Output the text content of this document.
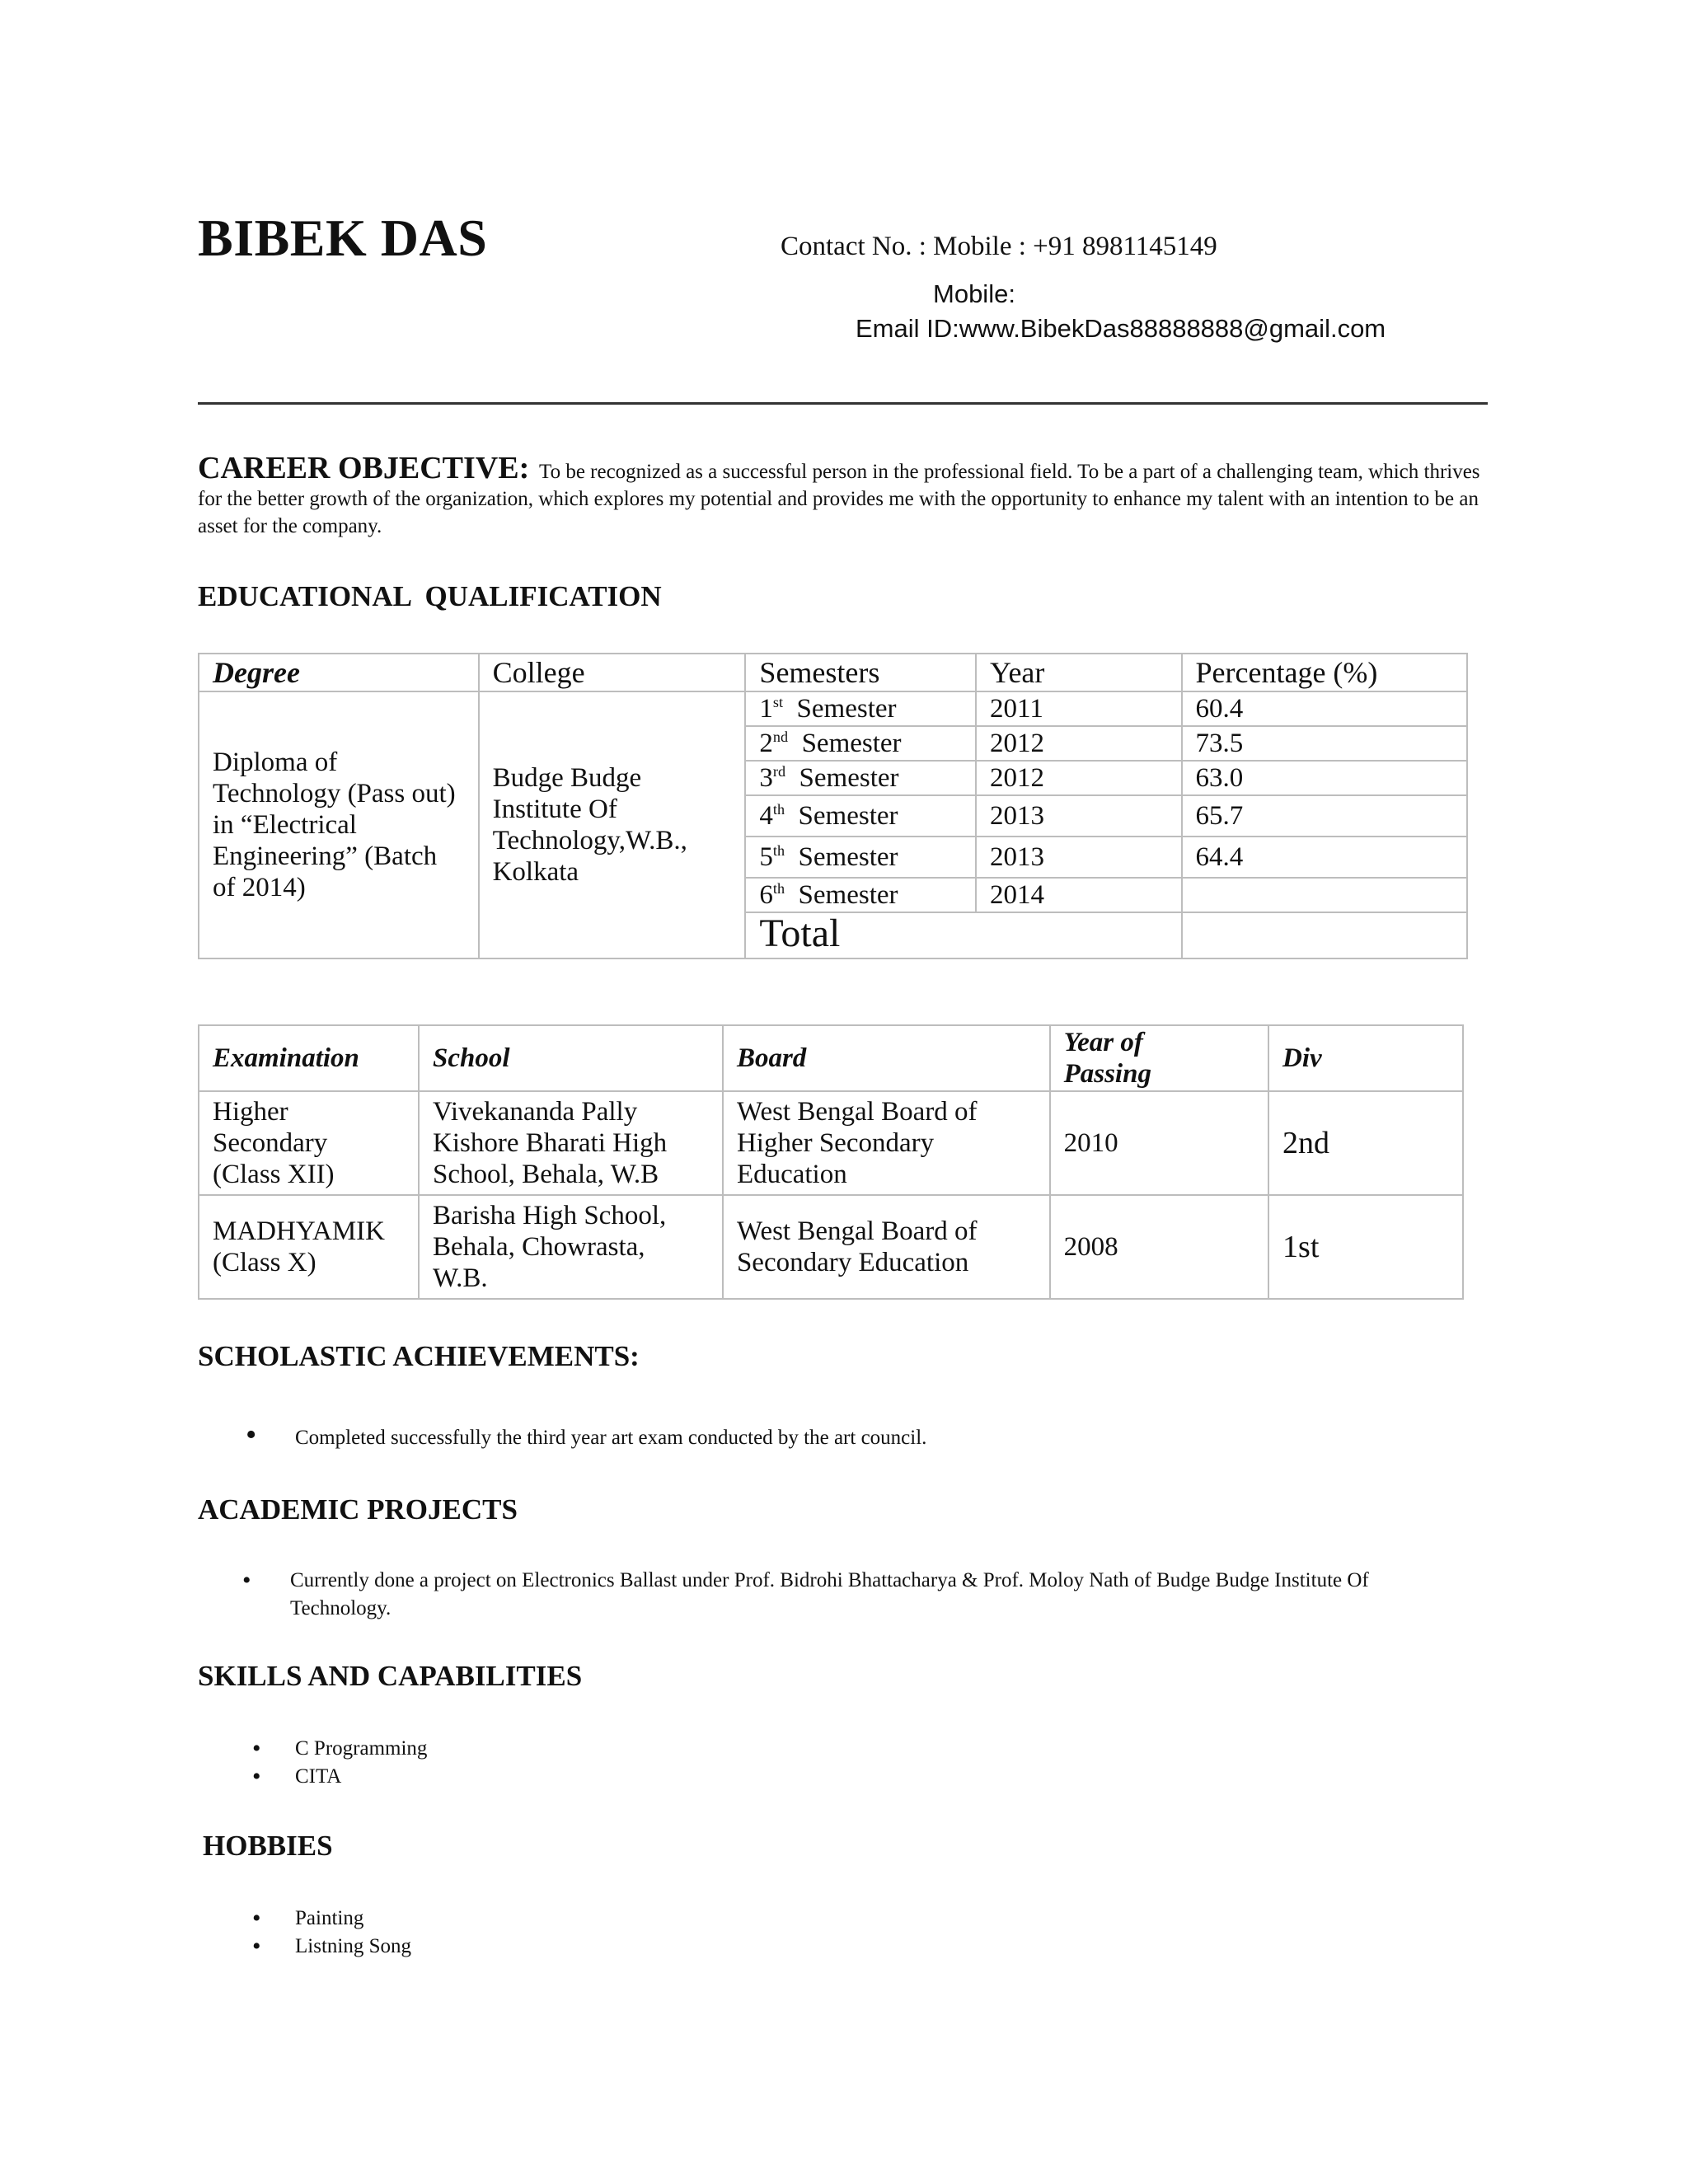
BIBEK DAS	Contact No. : Mobile : +91 8981145149
Mobile:
Email ID:www.BibekDas88888888@gmail.com
CAREER OBJECTIVE: To be recognized as a successful person in the professional field. To be a part of a challenging team, which thrives for the better growth of the organization, which explores my potential and provides me with the opportunity to enhance my talent with an intention to be an asset for the company.
EDUCATIONAL  QUALIFICATION
Degree	College	Semesters	Year	Percentage (%)
Diploma of Technology (Pass out) in “Electrical Engineering” (Batch of 2014)	Budge Budge Institute Of Technology,W.B., Kolkata	1st Semester	2011	60.4
		2nd Semester	2012	73.5
		3rd Semester	2012	63.0
		4th Semester	2013	65.7
		5th Semester	2013	64.4
		6th Semester	2014	
		Total		
Examination	School	Board	Year of Passing	Div
Higher Secondary (Class XII)	Vivekananda Pally Kishore Bharati High School, Behala, W.B	West Bengal Board of Higher Secondary Education	2010	2nd
MADHYAMIK (Class X)	Barisha High School, Behala, Chowrasta, W.B.	West Bengal Board of Secondary Education	2008	1st
SCHOLASTIC ACHIEVEMENTS:
• Completed successfully the third year art exam conducted by the art council.
ACADEMIC PROJECTS
• Currently done a project on Electronics Ballast under Prof. Bidrohi Bhattacharya & Prof. Moloy Nath of Budge Budge Institute Of Technology.
SKILLS AND CAPABILITIES
• C Programming
• CITA
HOBBIES
• Painting
• Listning Song
